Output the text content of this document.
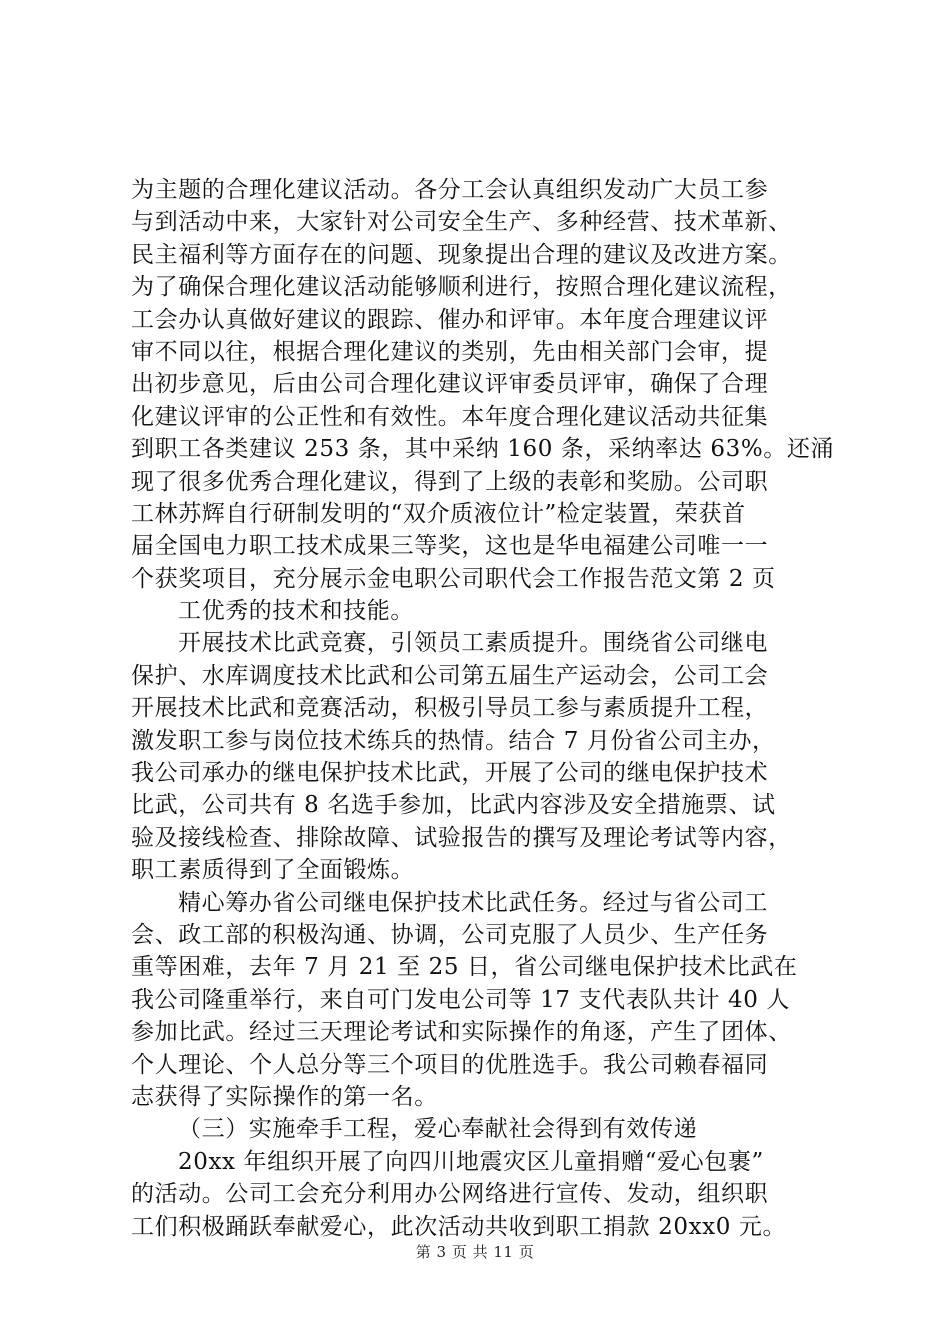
为主题的合理化建议活动。各分工会认真组织发动广大员工参
与到活动中来，大家针对公司安全生产、多种经营、技术革新、
民主福利等方面存在的问题、现象提出合理的建议及改进方案。
为了确保合理化建议活动能够顺利进行，按照合理化建议流程，
工会办认真做好建议的跟踪、催办和评审。本年度合理建议评
审不同以往，根据合理化建议的类别，先由相关部门会审，提
出初步意见，后由公司合理化建议评审委员评审，确保了合理
化建议评审的公正性和有效性。本年度合理化建议活动共征集
到职工各类建议 253 条，其中采纳 160 条，采纳率达 63%。还涌
现了很多优秀合理化建议，得到了上级的表彰和奖励。公司职
工林苏辉自行研制发明的“双介质液位计”检定装置，荣获首
届全国电力职工技术成果三等奖，这也是华电福建公司唯一一
个获奖项目，充分展示金电职公司职代会工作报告范文第 2 页
工优秀的技术和技能。
开展技术比武竞赛，引领员工素质提升。围绕省公司继电
保护、水库调度技术比武和公司第五届生产运动会，公司工会
开展技术比武和竞赛活动，积极引导员工参与素质提升工程，
激发职工参与岗位技术练兵的热情。结合 7 月份省公司主办，
我公司承办的继电保护技术比武，开展了公司的继电保护技术
比武，公司共有 8 名选手参加，比武内容涉及安全措施票、试
验及接线检查、排除故障、试验报告的撰写及理论考试等内容，
职工素质得到了全面锻炼。
精心筹办省公司继电保护技术比武任务。经过与省公司工
会、政工部的积极沟通、协调，公司克服了人员少、生产任务
重等困难，去年 7 月 21 至 25 日，省公司继电保护技术比武在
我公司隆重举行，来自可门发电公司等 17 支代表队共计 40 人
参加比武。经过三天理论考试和实际操作的角逐，产生了团体、
个人理论、个人总分等三个项目的优胜选手。我公司赖春福同
志获得了实际操作的第一名。
（三）实施牵手工程，爱心奉献社会得到有效传递
20xx 年组织开展了向四川地震灾区儿童捐赠“爱心包裹”
的活动。公司工会充分利用办公网络进行宣传、发动，组织职
工们积极踊跃奉献爱心，此次活动共收到职工捐款 20xx0 元。
第 3 页 共 11 页
